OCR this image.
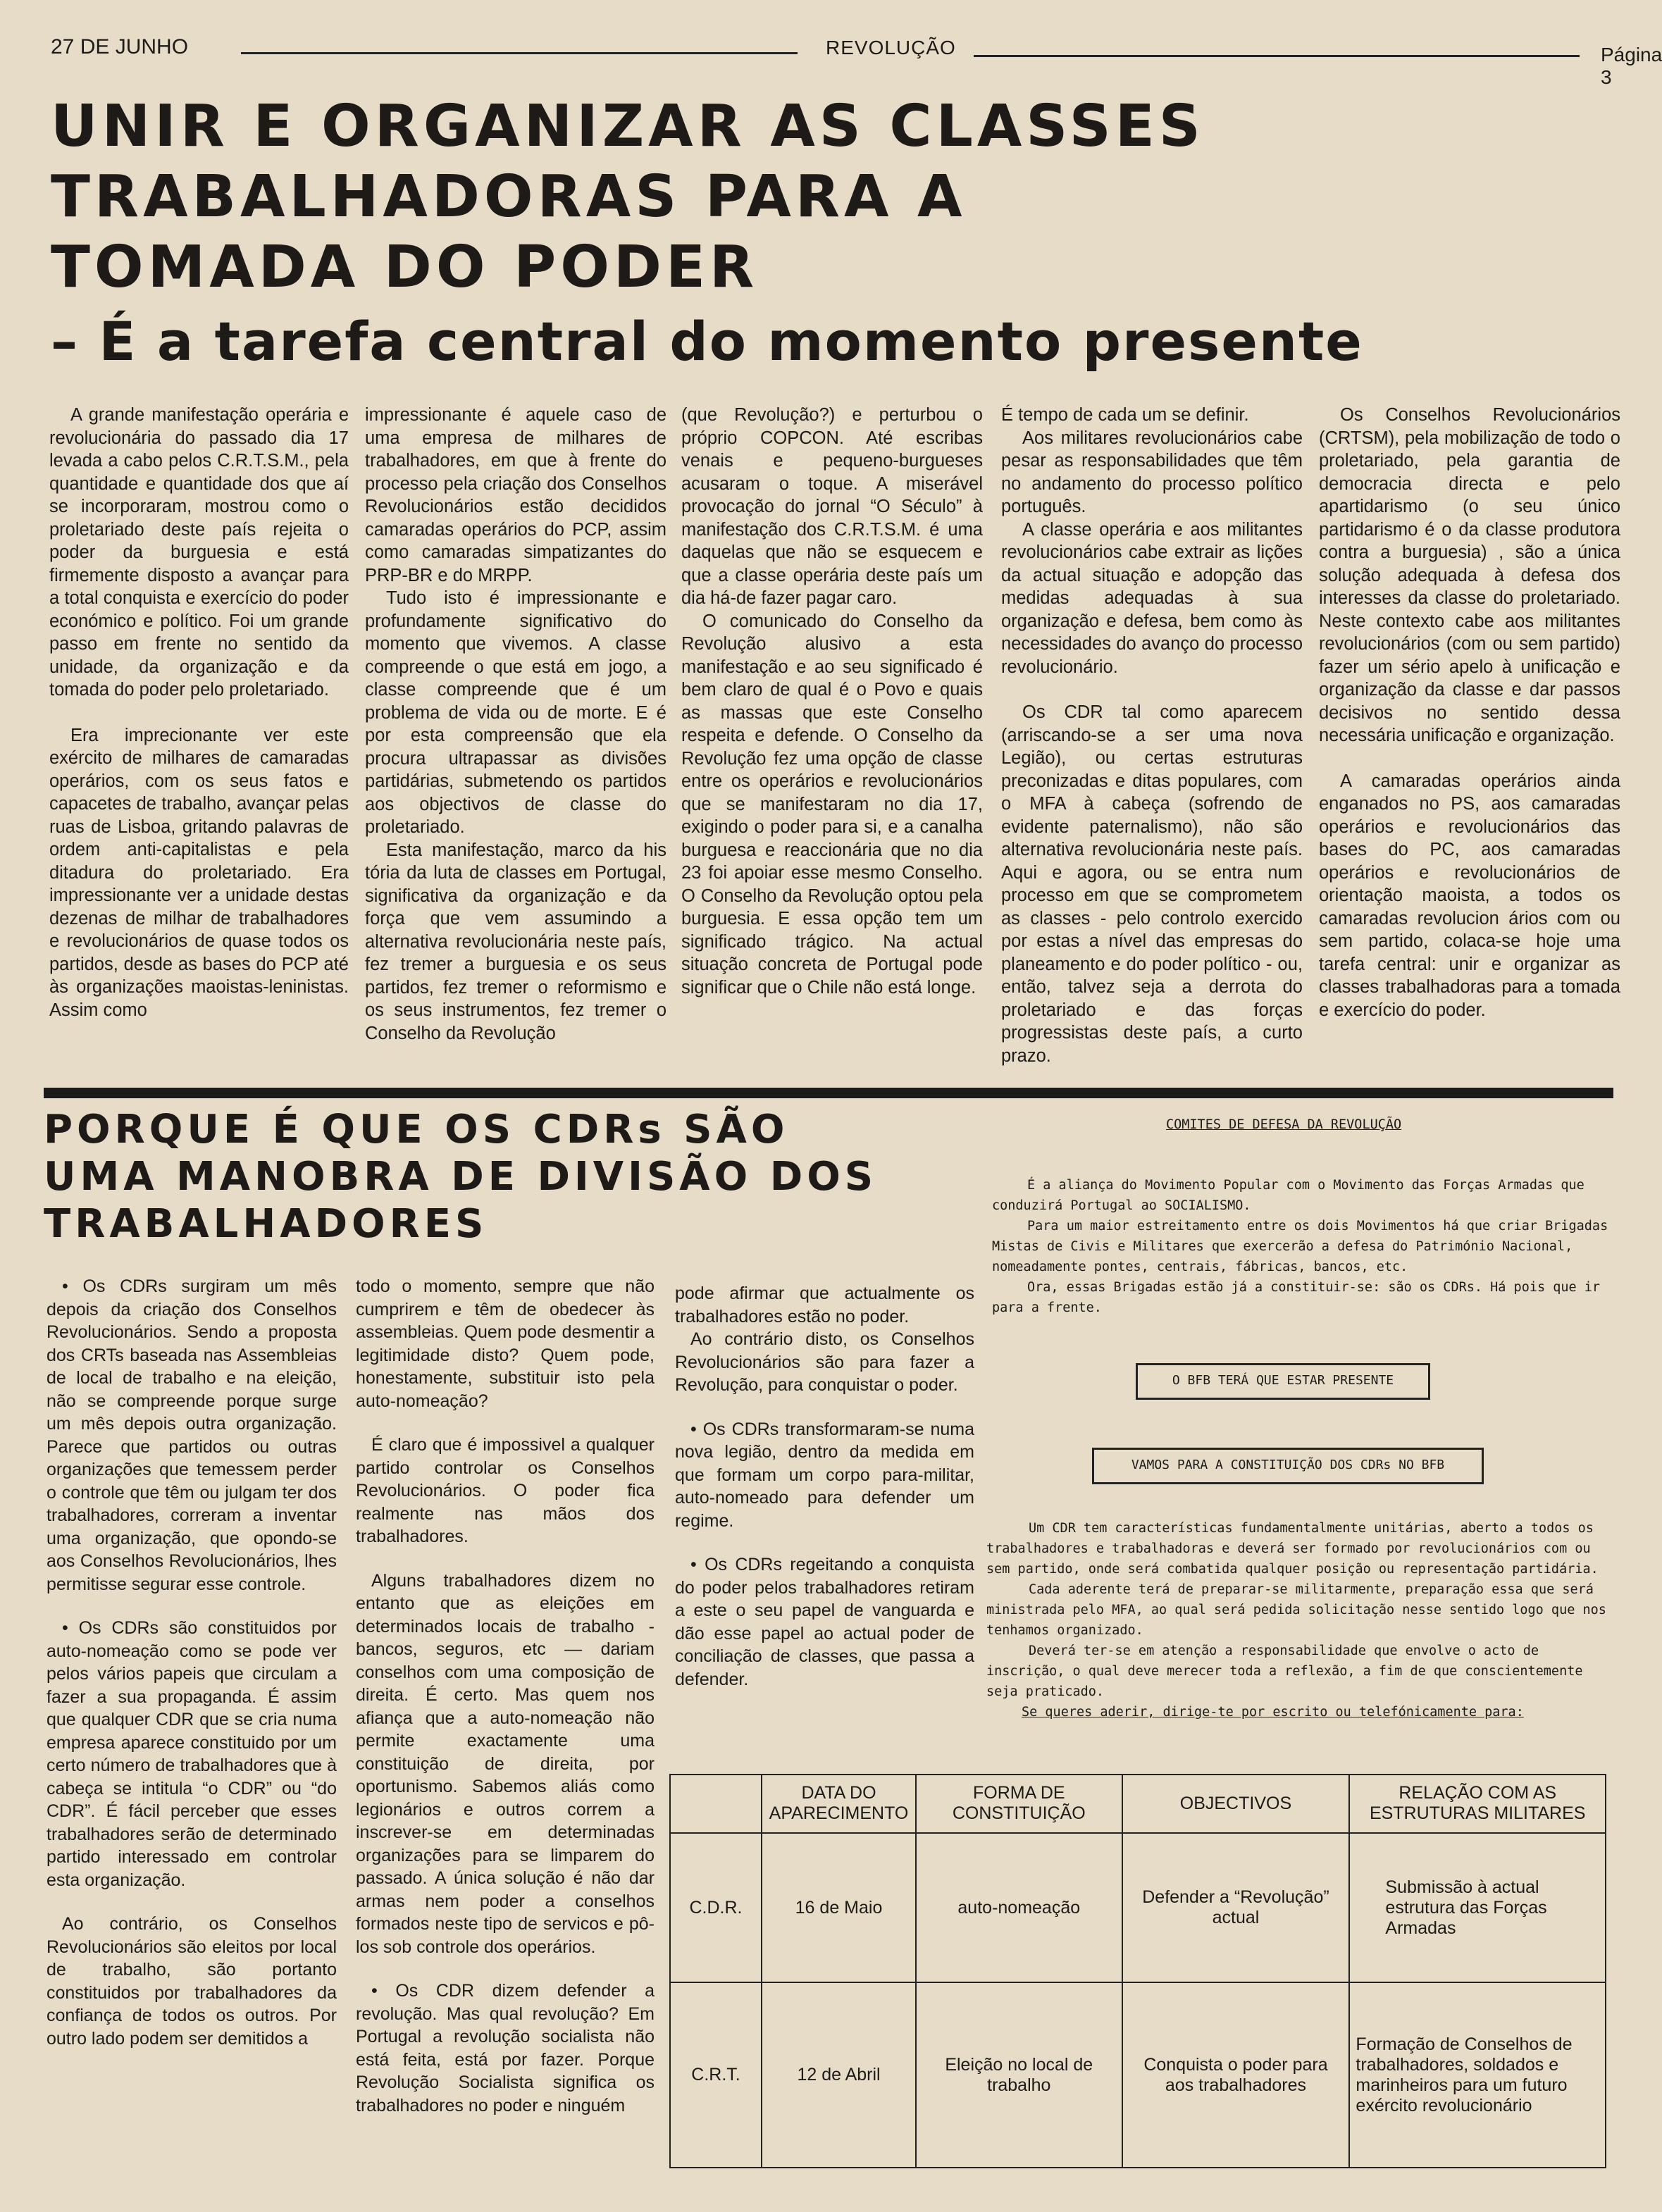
27 DE JUNHO	REVOLUÇÃO	Página 3
UNIR E ORGANIZAR AS CLASSES
TRABALHADORAS PARA A
TOMADA DO PODER
– É a tarefa central do momento presente

A grande manifestação operária e revolucionária do passado dia 17 levada a cabo pelos C.R.T.S.M., pela quantidade e quantidade dos que aí se incorporaram, mostrou como o proletariado deste país rejeita o poder da burguesia e está firmemente disposto a avançar para a total conquista e exercício do poder económico e político. Foi um grande passo em frente no sentido da unidade, da organização e da tomada do poder pelo proletariado.

Era imprecionante ver este exército de milhares de camaradas operários, com os seus fatos e capacetes de trabalho, avançar pelas ruas de Lisboa, gritando palavras de ordem anti-capitalistas e pela ditadura do proletariado. Era impressionante ver a unidade destas dezenas de milhar de trabalhadores e revolucionários de quase todos os partidos, desde as bases do PCP até às organizações maoistas-leninistas. Assim como

impressionante é aquele caso de uma empresa de milhares de trabalhadores, em que à frente do processo pela criação dos Conselhos Revolucionários estão decididos camaradas operários do PCP, assim como camaradas simpatizantes do PRP-BR e do MRPP.

Tudo isto é impressionante e profundamente significativo do momento que vivemos. A classe compreende o que está em jogo, a classe compreende que é um problema de vida ou de morte. E é por esta compreensão que ela procura ultrapassar as divisões partidárias, submetendo os partidos aos objectivos de classe do proletariado.

Esta manifestação, marco da his tória da luta de classes em Portugal, significativa da organização e da força que vem assumindo a alternativa revolucionária neste país, fez tremer a burguesia e os seus partidos, fez tremer o reformismo e os seus instrumentos, fez tremer o Conselho da Revolução

(que Revolução?) e perturbou o próprio COPCON. Até escribas venais e pequeno-burgueses acusaram o toque. A miserável provocação do jornal “O Século” à manifestação dos C.R.T.S.M. é uma daquelas que não se esquecem e que a classe operária deste país um dia há-de fazer pagar caro.

O comunicado do Conselho da Revolução alusivo a esta manifestação e ao seu significado é bem claro de qual é o Povo e quais as massas que este Conselho respeita e defende. O Conselho da Revolução fez uma opção de classe entre os operários e revolucionários que se manifestaram no dia 17, exigindo o poder para si, e a canalha burguesa e reaccionária que no dia 23 foi apoiar esse mesmo Conselho. O Conselho da Revolução optou pela burguesia. E essa opção tem um significado trágico. Na actual situação concreta de Portugal pode significar que o Chile não está longe.

É tempo de cada um se definir.

Aos militares revolucionários cabe pesar as responsabilidades que têm no andamento do processo político português.

A classe operária e aos militantes revolucionários cabe extrair as lições da actual situação e adopção das medidas adequadas à sua organização e defesa, bem como às necessidades do avanço do processo revolucionário.

Os CDR tal como aparecem (arriscando-se a ser uma nova Legião), ou certas estruturas preconizadas e ditas populares, com o MFA à cabeça (sofrendo de evidente paternalismo), não são alternativa revolucionária neste país. Aqui e agora, ou se entra num processo em que se comprometem as classes - pelo controlo exercido por estas a nível das empresas do planeamento e do poder político - ou, então, talvez seja a derrota do proletariado e das forças progressistas deste país, a curto prazo.

Os Conselhos Revolucionários (CRTSM), pela mobilização de todo o proletariado, pela garantia de democracia directa e pelo apartidarismo (o seu único partidarismo é o da classe produtora contra a burguesia) , são a única solução adequada à defesa dos interesses da classe do proletariado. Neste contexto cabe aos militantes revolucionários (com ou sem partido) fazer um sério apelo à unificação e organização da classe e dar passos decisivos no sentido dessa necessária unificação e organização.

A camaradas operários ainda enganados no PS, aos camaradas operários e revolucionários das bases do PC, aos camaradas operários e revolucionários de orientação maoista, a todos os camaradas revolucion ários com ou sem partido, colaca-se hoje uma tarefa central: unir e organizar as classes trabalhadoras para a tomada e exercício do poder.

PORQUE É QUE OS CDRs SÃO
UMA MANOBRA DE DIVISÃO DOS
TRABALHADORES

• Os CDRs surgiram um mês depois da criação dos Conselhos Revolucionários. Sendo a proposta dos CRTs baseada nas Assembleias de local de trabalho e na eleição, não se compreende porque surge um mês depois outra organização. Parece que partidos ou outras organizações que temessem perder o controle que têm ou julgam ter dos trabalhadores, correram a inventar uma organização, que opondo-se aos Conselhos Revolucionários, lhes permitisse segurar esse controle.

• Os CDRs são constituidos por auto-nomeação como se pode ver pelos vários papeis que circulam a fazer a sua propaganda. É assim que qualquer CDR que se cria numa empresa aparece constituido por um certo número de trabalhadores que à cabeça se intitula “o CDR” ou “do CDR”. É fácil perceber que esses trabalhadores serão de determinado partido interessado em controlar esta organização.

Ao contrário, os Conselhos Revolucionários são eleitos por local de trabalho, são portanto constituidos por trabalhadores da confiança de todos os outros. Por outro lado podem ser demitidos a

todo o momento, sempre que não cumprirem e têm de obedecer às assembleias. Quem pode desmentir a legitimidade disto? Quem pode, honestamente, substituir isto pela auto-nomeação?

É claro que é impossivel a qualquer partido controlar os Conselhos Revolucionários. O poder fica realmente nas mãos dos trabalhadores.

Alguns trabalhadores dizem no entanto que as eleições em determinados locais de trabalho - bancos, seguros, etc — dariam conselhos com uma composição de direita. É certo. Mas quem nos afiança que a auto-nomeação não permite exactamente uma constituição de direita, por oportunismo. Sabemos aliás como legionários e outros correm a inscrever-se em determinadas organizações para se limparem do passado. A única solução é não dar armas nem poder a conselhos formados neste tipo de servicos e pô-los sob controle dos operários.

• Os CDR dizem defender a revolução. Mas qual revolução? Em Portugal a revolução socialista não está feita, está por fazer. Porque Revolução Socialista significa os trabalhadores no poder e ninguém

pode afirmar que actualmente os trabalhadores estão no poder.

Ao contrário disto, os Conselhos Revolucionários são para fazer a Revolução, para conquistar o poder.

• Os CDRs transformaram-se numa nova legião, dentro da medida em que formam um corpo para-militar, auto-nomeado para defender um regime.

• Os CDRs regeitando a conquista do poder pelos trabalhadores retiram a este o seu papel de vanguarda e dão esse papel ao actual poder de conciliação de classes, que passa a defender.

COMITES DE DEFESA DA REVOLUÇÃO

É a aliança do Movimento Popular com o Movimento das Forças Armadas que conduzirá Portugal ao SOCIALISMO.

Para um maior estreitamento entre os dois Movimentos há que criar Brigadas Mistas de Civis e Militares que exercerão a defesa do Património Nacional, nomeadamente pontes, centrais, fábricas, bancos, etc.

Ora, essas Brigadas estão já a constituir-se: são os CDRs. Há pois que ir para a frente.

O BFB TERÁ QUE ESTAR PRESENTE
VAMOS PARA A CONSTITUIÇÃO DOS CDRs NO BFB

Um CDR tem características fundamentalmente unitárias, aberto a todos os trabalhadores e trabalhadoras e deverá ser formado por revolucionários com ou sem partido, onde será combatida qualquer posição ou representação partidária.

Cada aderente terá de preparar-se militarmente, preparação essa que será ministrada pelo MFA, ao qual será pedida solicitação nesse sentido logo que nos tenhamos organizado.

Deverá ter-se em atenção a responsabilidade que envolve o acto de inscrição, o qual deve merecer toda a reflexão, a fim de que conscientemente seja praticado.

Se queres aderir, dirige-te por escrito ou telefónicamente para:

	DATA DO APARECIMENTO	FORMA DE CONSTITUIÇÃO	OBJECTIVOS	RELAÇÃO COM AS ESTRUTURAS MILITARES
C.D.R.	16 de Maio	auto-nomeação	Defender a “Revolução” actual	Submissão à actual estrutura das Forças Armadas
C.R.T.	12 de Abril	Eleição no local de trabalho	Conquista o poder para aos trabalhadores	Formação de Conselhos de trabalhadores, soldados e marinheiros para um futuro exército revolucionário
